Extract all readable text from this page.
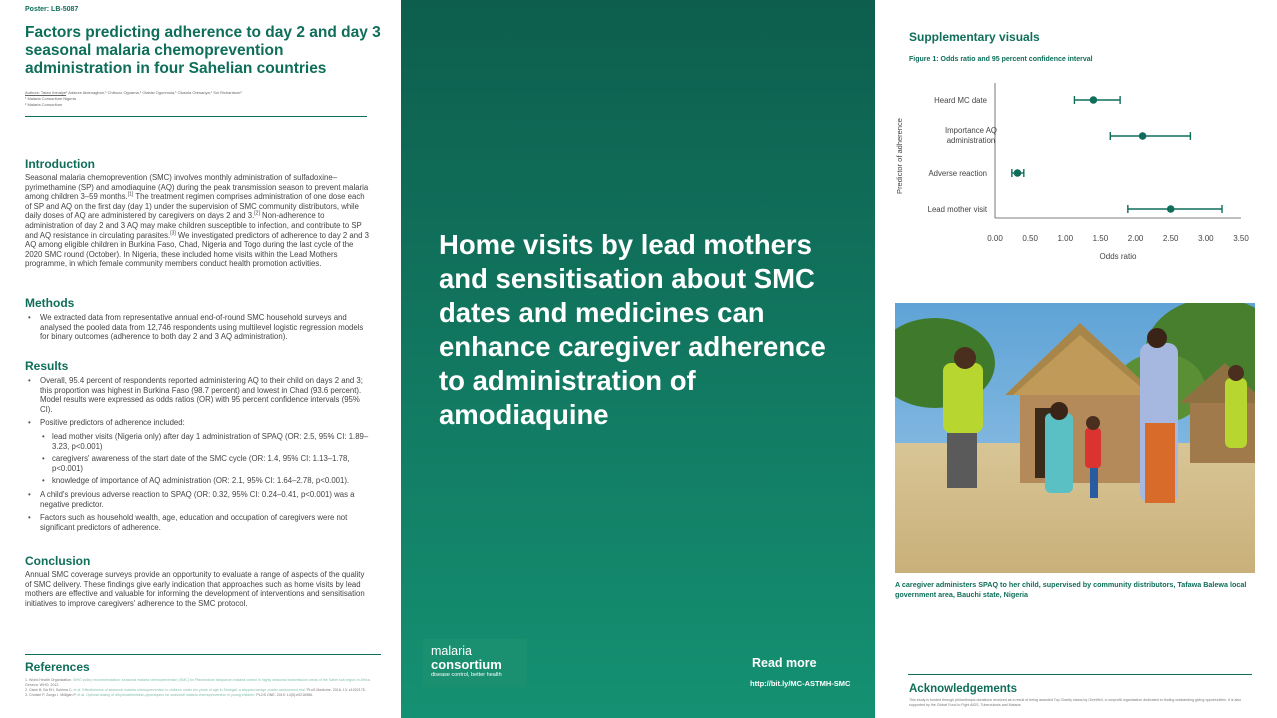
Poster: LB-5087
Factors predicting adherence to day 2 and day 3 seasonal malaria chemoprevention administration in four Sahelian countries
Authors: Taiwo Ibinaiye¹ Adaeze Aidenagbon,¹ Chibuzo Oguama,¹ Olabisi Ogunmola,¹ Olusola Oresanya,¹ Sol Richardson²
¹ Malaria Consortium Nigeria
² Malaria Consortium
Introduction

Seasonal malaria chemoprevention (SMC) involves monthly administration of sulfadoxine–pyrimethamine (SP) and amodiaquine (AQ) during the peak transmission season to prevent malaria among children 3–59 months.[1] The treatment regimen comprises administration of one dose each of SP and AQ on the first day (day 1) under the supervision of SMC community distributors, while daily doses of AQ are administered by caregivers on days 2 and 3.[2] Non-adherence to administration of day 2 and 3 AQ may make children susceptible to infection, and contribute to SP and AQ resistance in circulating parasites.[3] We investigated predictors of adherence to day 2 and 3 AQ among eligible children in Burkina Faso, Chad, Nigeria and Togo during the last cycle of the 2020 SMC round (October). In Nigeria, these included home visits within the Lead Mothers programme, in which female community members conduct health promotion activities.

Methods
• We extracted data from representative annual end-of-round SMC household surveys and analysed the pooled data from 12,746 respondents using multilevel logistic regression models for binary outcomes (adherence to both day 2 and 3 AQ administration).
Results
• Overall, 95.4 percent of respondents reported administering AQ to their child on days 2 and 3; this proportion was highest in Burkina Faso (98.7 percent) and lowest in Chad (93.6 percent). Model results were expressed as odds ratios (OR) with 95 percent confidence intervals (95% CI).
• Positive predictors of adherence included:
• lead mother visits (Nigeria only) after day 1 administration of SPAQ (OR: 2.5, 95% CI: 1.89–3.23, p<0.001)
• caregivers' awareness of the start date of the SMC cycle (OR: 1.4, 95% CI: 1.13–1.78, p<0.001)
• knowledge of importance of AQ administration (OR: 2.1, 95% CI: 1.64–2.78, p<0.001).
• A child's previous adverse reaction to SPAQ (OR: 0.32, 95% CI: 0.24–0.41, p<0.001) was a negative predictor.
• Factors such as household wealth, age, education and occupation of caregivers were not significant predictors of adherence.
Conclusion

Annual SMC coverage surveys provide an opportunity to evaluate a range of aspects of the quality of SMC delivery. These findings give early indication that approaches such as home visits by lead mothers are effective and valuable for informing the development of interventions and sensitisation initiatives to improve caregivers' adherence to the SMC protocol.

References
1. World Health Organization. WHO policy recommendation: seasonal malaria chemoprevention (SMC) for Plasmodium falciparum malaria control in highly seasonal transmission areas of the Sahel sub-region in Africa. Geneva: WHO; 2012.
2. Cissé B, Ba EH, Sokhna C, et al. Effectiveness of seasonal malaria chemoprevention in children under ten years of age in Senegal: a stepped-wedge cluster-randomised trial. PLoS Medicine. 2016; 13: e1002175.
3. Chotsiri P, Zongo I, Milligan P, et al. Optimal dosing of dihydroartemisinin-piperaquine for seasonal malaria chemoprevention in young children. PLOS ONE. 2019; 14(5):e0216986.
Home visits by lead mothers and sensitisation about SMC dates and medicines can enhance caregiver adherence to administration of amodiaquine
malaria
consortium
disease control, better health
Read more
http://bit.ly/MC-ASTMH-SMC
Supplementary visuals
Figure 1: Odds ratio and 95 percent confidence interval
Predictor of adherence
Odds ratio
0.00 0.50 1.00 1.50 2.00 2.50 3.00 3.50
Heard MC date
Importance AQ administration
Adverse reaction
Lead mother visit
A caregiver administers SPAQ to her child, supervised by community distributors, Tafawa Balewa local government area, Bauchi state, Nigeria
Acknowledgements
This study is funded through philanthropic donations received as a result of being awarded Top Charity status by GiveWell, a nonprofit organisation dedicated to finding outstanding giving opportunities. It is also supported by the Global Fund to Fight AIDS, Tuberculosis and Malaria.
